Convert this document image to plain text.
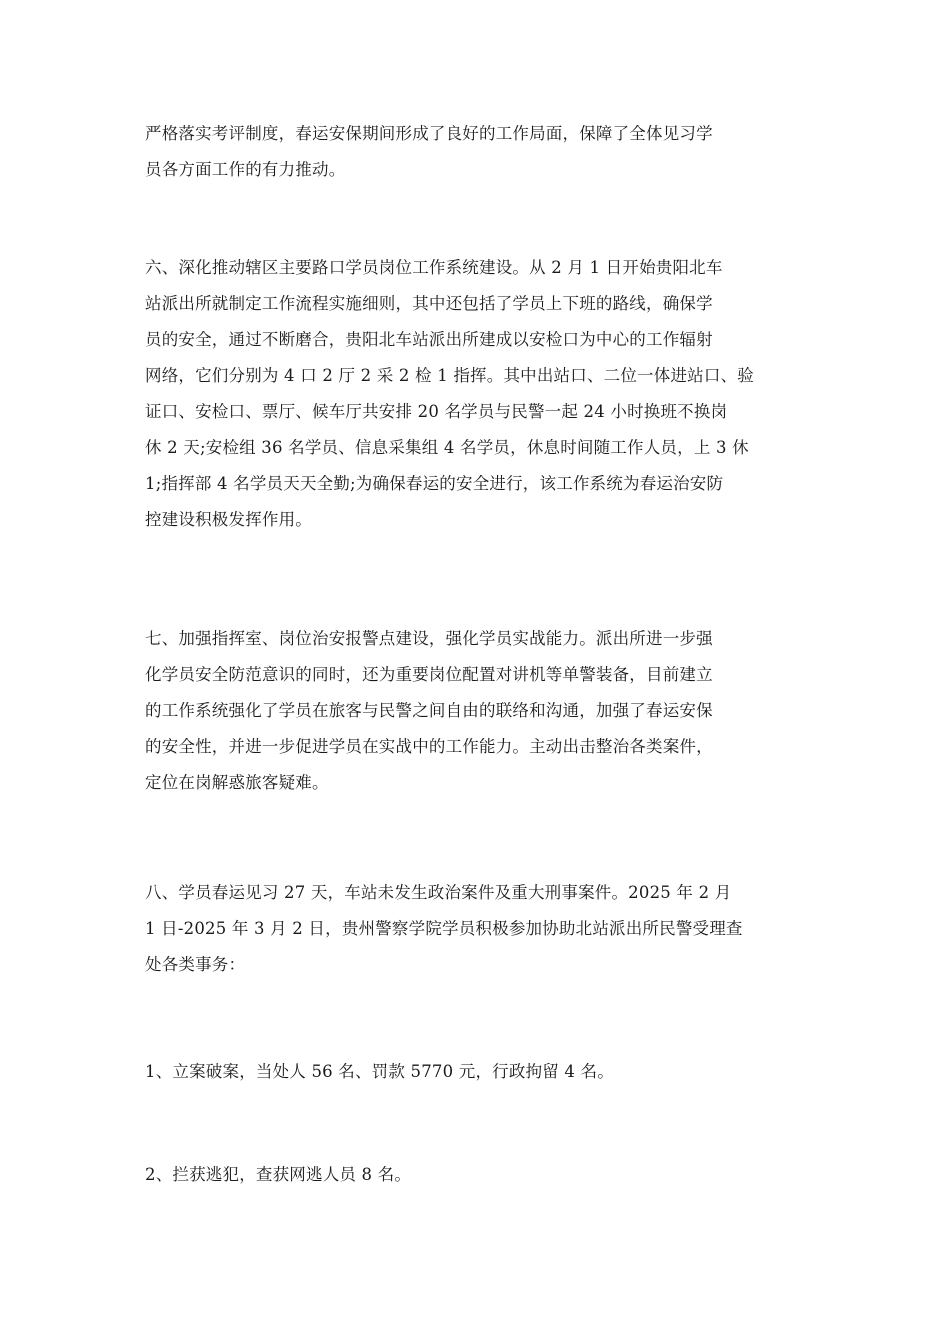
严格落实考评制度，春运安保期间形成了良好的工作局面，保障了全体见习学
员各方面工作的有力推动。

六、深化推动辖区主要路口学员岗位工作系统建设。从 2 月 1 日开始贵阳北车
站派出所就制定工作流程实施细则，其中还包括了学员上下班的路线，确保学
员的安全，通过不断磨合，贵阳北车站派出所建成以安检口为中心的工作辐射
网络，它们分别为 4 口 2 厅 2 采 2 检 1 指挥。其中出站口、二位一体进站口、验
证口、安检口、票厅、候车厅共安排 20 名学员与民警一起 24 小时换班不换岗
休 2 天;安检组 36 名学员、信息采集组 4 名学员，休息时间随工作人员，上 3 休
1;指挥部 4 名学员天天全勤;为确保春运的安全进行，该工作系统为春运治安防
控建设积极发挥作用。

七、加强指挥室、岗位治安报警点建设，强化学员实战能力。派出所进一步强
化学员安全防范意识的同时，还为重要岗位配置对讲机等单警装备，目前建立
的工作系统强化了学员在旅客与民警之间自由的联络和沟通，加强了春运安保
的安全性，并进一步促进学员在实战中的工作能力。主动出击整治各类案件，
定位在岗解惑旅客疑难。

八、学员春运见习 27 天，车站未发生政治案件及重大刑事案件。2025 年 2 月
1 日-2025 年 3 月 2 日，贵州警察学院学员积极参加协助北站派出所民警受理查
处各类事务：

1、立案破案，当处人 56 名、罚款 5770 元，行政拘留 4 名。

2、拦获逃犯，查获网逃人员 8 名。
